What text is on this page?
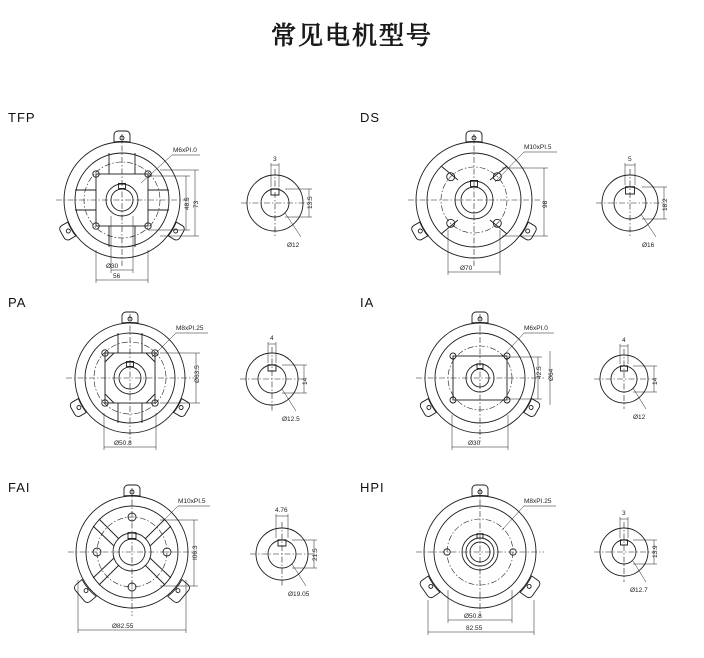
常见电机型号
TFP
M6xPI.0
73
48.5
Ø30
56
3
13.5
Ø12
DS
M10xPI.5
98
Ø70
5
18.2
Ø16
PA
M8xPI.25
Ø63.5
Ø50.8
4
14
Ø12.5
IA
M6xPI.0
42.5 Ø64
Ø30
4
14
Ø12
FAI
M10xPI.5
I06.3
Ø82.55
4.76
21.5
Ø19.05
HPI
M8xPI.25
Ø50.8
82.55
3
13.9
Ø12.7
